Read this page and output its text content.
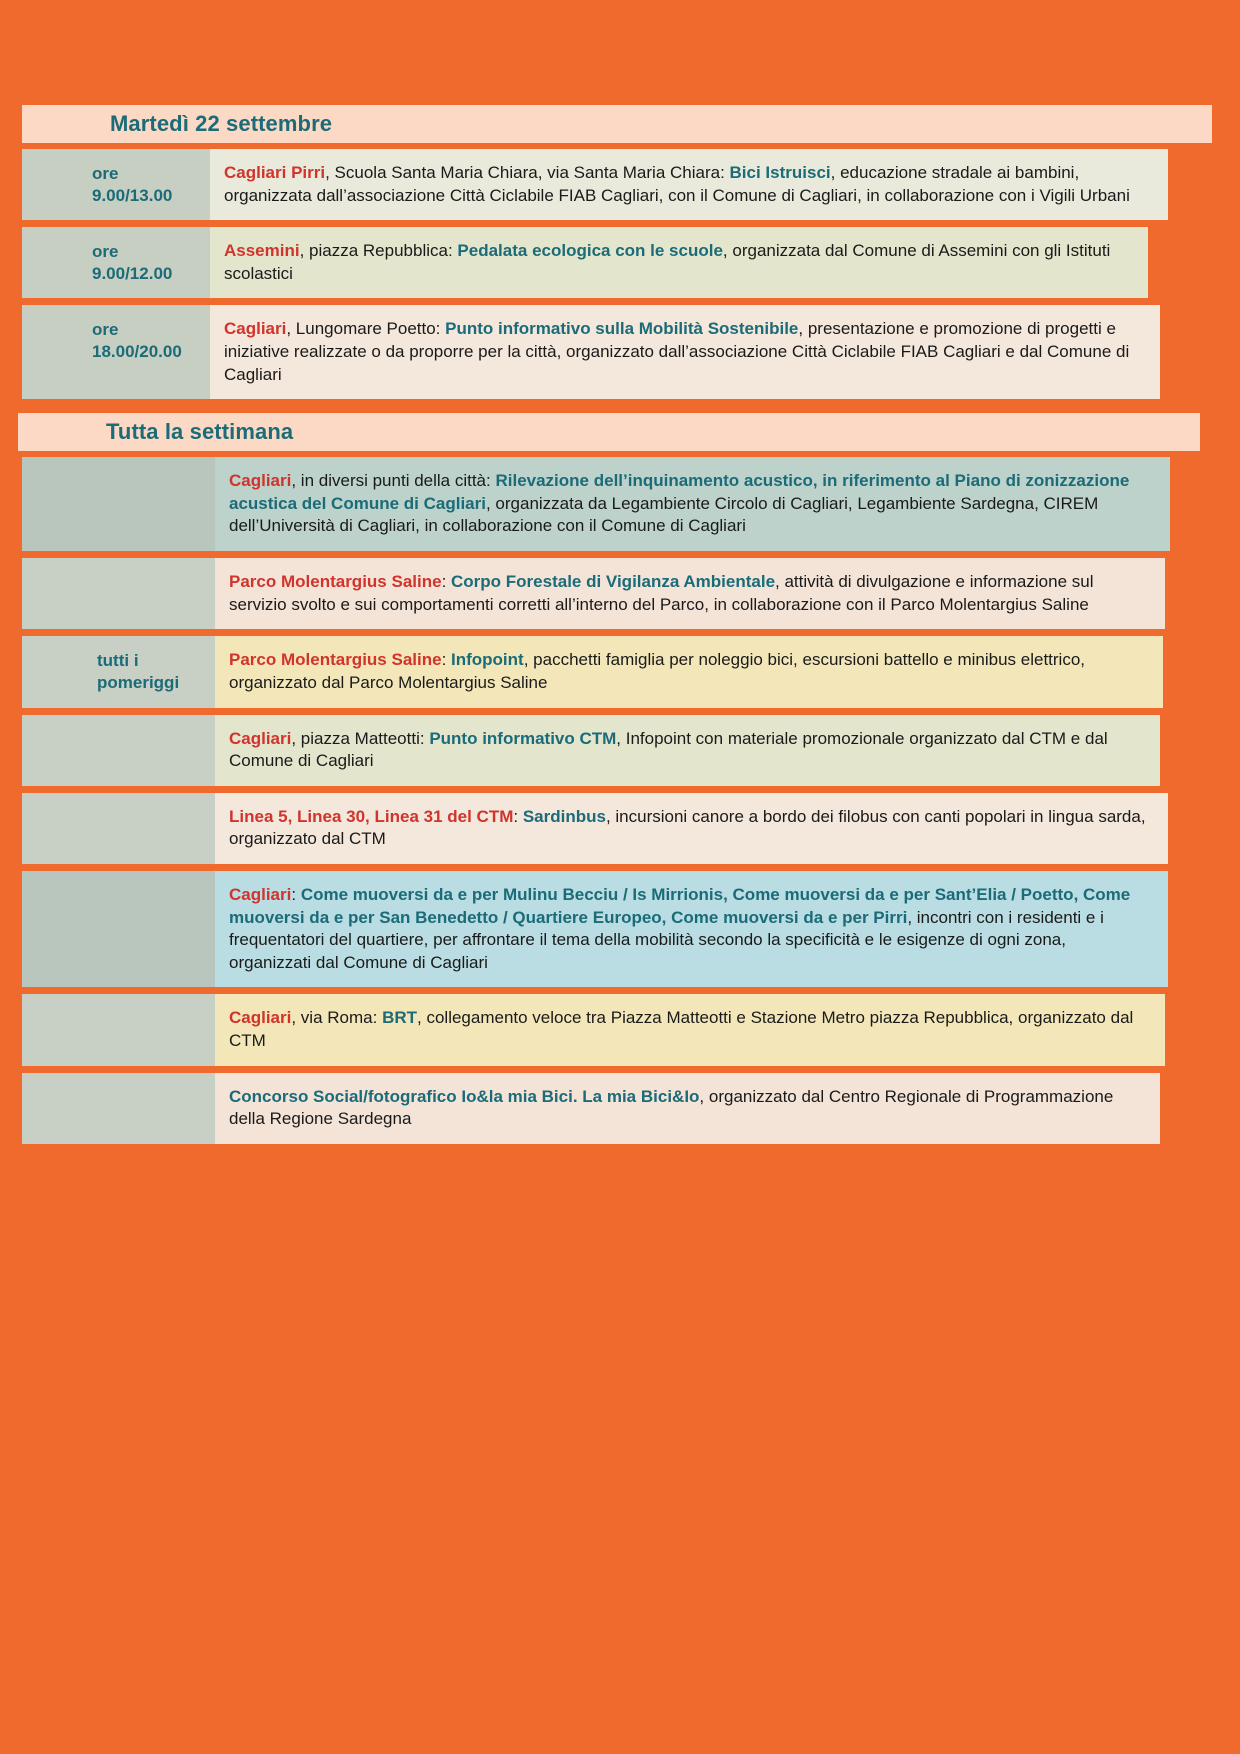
Martedì 22 settembre
ore
9.00/13.00
Cagliari Pirri, Scuola Santa Maria Chiara, via Santa Maria Chiara: Bici Istruisci, educazione stradale ai bambini, organizzata dall’associazione Città Ciclabile FIAB Cagliari, con il Comune di Cagliari, in collaborazione con i Vigili Urbani
ore
9.00/12.00
Assemini, piazza Repubblica: Pedalata ecologica con le scuole, organizzata dal Comune di Assemini con gli Istituti scolastici
ore
18.00/20.00
Cagliari, Lungomare Poetto: Punto informativo sulla Mobilità Sostenibile, presentazione e promozione di progetti e iniziative realizzate o da proporre per la città, organizzato dall’associazione Città Ciclabile FIAB Cagliari e dal Comune di Cagliari
Tutta la settimana

Cagliari, in diversi punti della città: Rilevazione dell’inquinamento acustico, in riferimento al Piano di zonizzazione acustica del Comune di Cagliari, organizzata da Legambiente Circolo di Cagliari, Legambiente Sardegna, CIREM dell’Università di Cagliari, in collaborazione con il Comune di Cagliari

Parco Molentargius Saline: Corpo Forestale di Vigilanza Ambientale, attività di divulgazione e informazione sul servizio svolto e sui comportamenti corretti all’interno del Parco, in collaborazione con il Parco Molentargius Saline
tutti i
pomeriggi
Parco Molentargius Saline: Infopoint, pacchetti famiglia per noleggio bici, escursioni battello e minibus elettrico, organizzato dal Parco Molentargius Saline

Cagliari, piazza Matteotti: Punto informativo CTM, Infopoint con materiale promozionale organizzato dal CTM e dal Comune di Cagliari

Linea 5, Linea 30, Linea 31 del CTM: Sardinbus, incursioni canore a bordo dei filobus con canti popolari in lingua sarda, organizzato dal CTM

Cagliari: Come muoversi da e per Mulinu Becciu / Is Mirrionis, Come muoversi da e per Sant’Elia / Poetto, Come muoversi da e per San Benedetto / Quartiere Europeo, Come muoversi da e per Pirri, incontri con i residenti e i frequentatori del quartiere, per affrontare il tema della mobilità secondo la specificità e le esigenze di ogni zona, organizzati dal Comune di Cagliari

Cagliari, via Roma: BRT, collegamento veloce tra Piazza Matteotti e Stazione Metro piazza Repubblica, organizzato dal CTM

Concorso Social/fotografico Io&la mia Bici. La mia Bici&Io, organizzato dal Centro Regionale di Programmazione della Regione Sardegna
